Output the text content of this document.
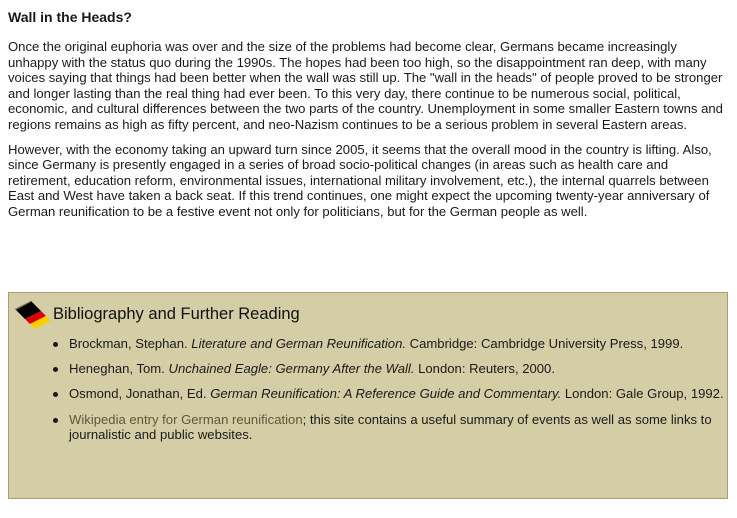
Wall in the Heads?

Once the original euphoria was over and the size of the problems had become clear, Germans became increasingly unhappy with the status quo during the 1990s. The hopes had been too high, so the disappointment ran deep, with many voices saying that things had been better when the wall was still up. The "wall in the heads" of people proved to be stronger and longer lasting than the real thing had ever been. To this very day, there continue to be numerous social, political, economic, and cultural differences between the two parts of the country. Unemployment in some smaller Eastern towns and regions remains as high as fifty percent, and neo-Nazism continues to be a serious problem in several Eastern areas.

However, with the economy taking an upward turn since 2005, it seems that the overall mood in the country is lifting. Also, since Germany is presently engaged in a series of broad socio-political changes (in areas such as health care and retirement, education reform, environmental issues, international military involvement, etc.), the internal quarrels between East and West have taken a back seat. If this trend continues, one might expect the upcoming twenty-year anniversary of German reunification to be a festive event not only for politicians, but for the German people as well.

Bibliography and Further Reading
Brockman, Stephan. Literature and German Reunification. Cambridge: Cambridge University Press, 1999.
Heneghan, Tom. Unchained Eagle: Germany After the Wall. London: Reuters, 2000.
Osmond, Jonathan, Ed. German Reunification: A Reference Guide and Commentary. London: Gale Group, 1992.
Wikipedia entry for German reunification; this site contains a useful summary of events as well as some links to journalistic and public websites.
